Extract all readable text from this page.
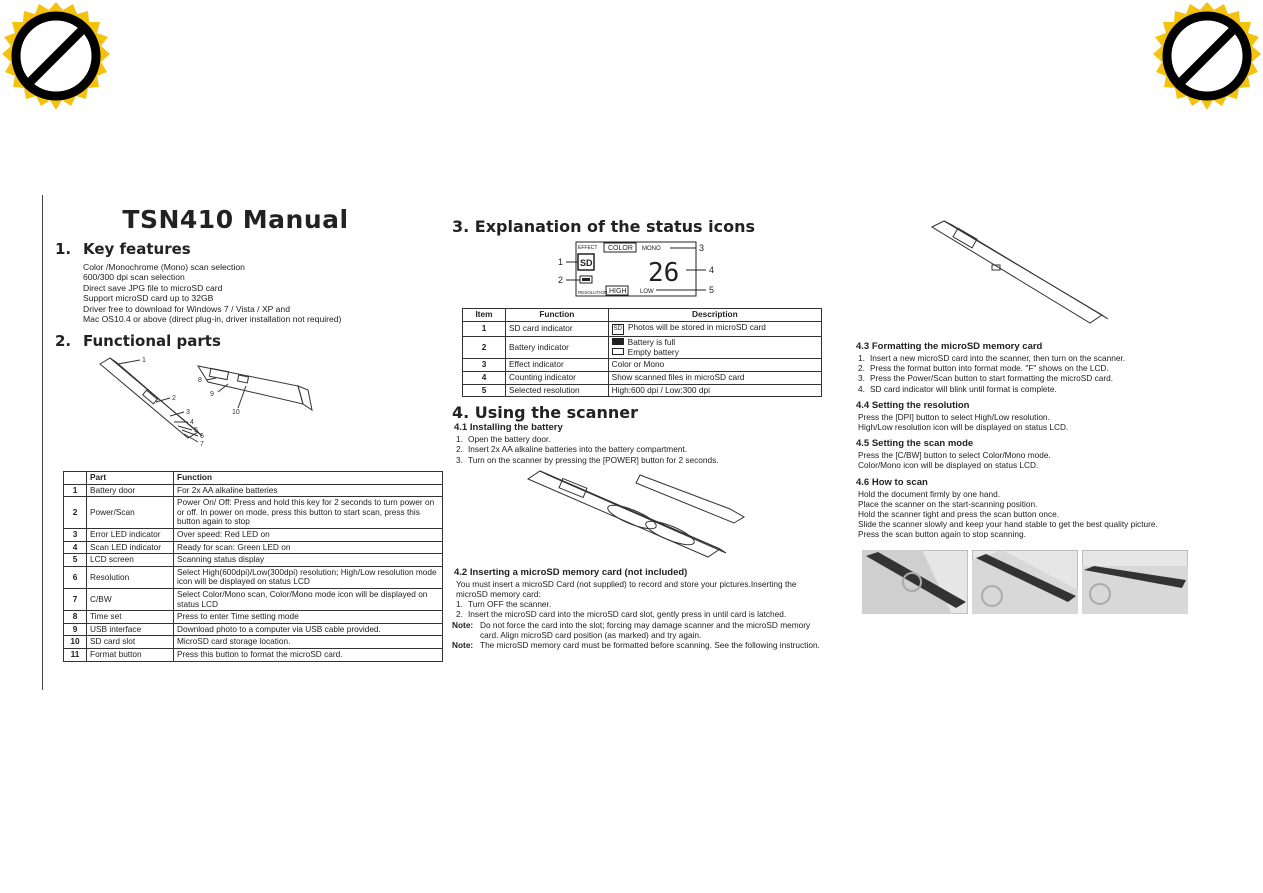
TSN410 Manual
1. Key features
Color /Monochrome (Mono) scan selection
600/300 dpi scan selection
Direct save JPG file to microSD card
Support microSD card up to 32GB
Driver free to download for Windows 7 / Vista / XP and
Mac OS10.4 or above (direct plug-in, driver installation not required)
2. Functional parts
1
2
3
4
5
6
7
8
9
10
	Part	Function
1	Battery door	For 2x AA alkaline batteries
2	Power/Scan	Power On/ Off: Press and hold this key for 2 seconds to turn power on or off. In power on mode, press this button to start scan, press this button again to stop
3	Error LED indicator	Over speed: Red LED on
4	Scan LED indicator	Ready for scan: Green LED on
5	LCD screen	Scanning status display
6	Resolution	Select High(600dpi)/Low(300dpi) resolution; High/Low resolution mode icon will be displayed on status LCD
7	C/BW	Select Color/Mono scan, Color/Mono mode icon will be displayed on status LCD
8	Time set	Press to enter Time setting mode
9	USB interface	Download photo to a computer via USB cable provided.
10	SD card slot	MicroSD card storage location.
11	Format button	Press this button to format the microSD card.
3. Explanation of the status icons
EFFECT COLOR MONO
SD 26
RESOLUTION HIGH LOW
1
2
3
4
5
Item	Function	Description
1	SD card indicator	SD Photos will be stored in microSD card
2	Battery indicator	Battery is full
Empty battery

3	Effect indicator	Color or Mono
4	Counting indicator	Show scanned files in microSD card
5	Selected resolution	High:600 dpi / Low:300 dpi
4. Using the scanner
4.1 Installing the battery
1. Open the battery door.
2. Insert 2x AA alkaline batteries into the battery compartment.
3. Turn on the scanner by pressing the [POWER] button for 2 seconds.
4.2 Inserting a microSD memory card (not included)
You must insert a microSD Card (not supplied) to record and store your pictures.Inserting the microSD memory card:
1. Turn OFF the scanner.
2. Insert the microSD card into the microSD card slot, gently press in until card is latched.

Note: Do not force the card into the slot; forcing may damage scanner and the microSD memory card. Align microSD card position (as marked) and try again.

Note: The microSD memory card must be formatted before scanning. See the following instruction.

4.3 Formatting the microSD memory card
1. Insert a new microSD card into the scanner, then turn on the scanner.
2. Press the format button into format mode. "F" shows on the LCD.
3. Press the Power/Scan button to start formatting the microSD card.
4. SD card indicator will blink until format is complete.
4.4 Setting the resolution
Press the [DPI] button to select High/Low resolution.
High/Low resolution icon will be displayed on status LCD.
4.5 Setting the scan mode
Press the [C/BW] button to select Color/Mono mode.
Color/Mono icon will be displayed on status LCD.
4.6 How to scan
Hold the document firmly by one hand.
Place the scanner on the start-scanning position.
Hold the scanner tight and press the scan button once.
Slide the scanner slowly and keep your hand stable to get the best quality picture.
Press the scan button again to stop scanning.
